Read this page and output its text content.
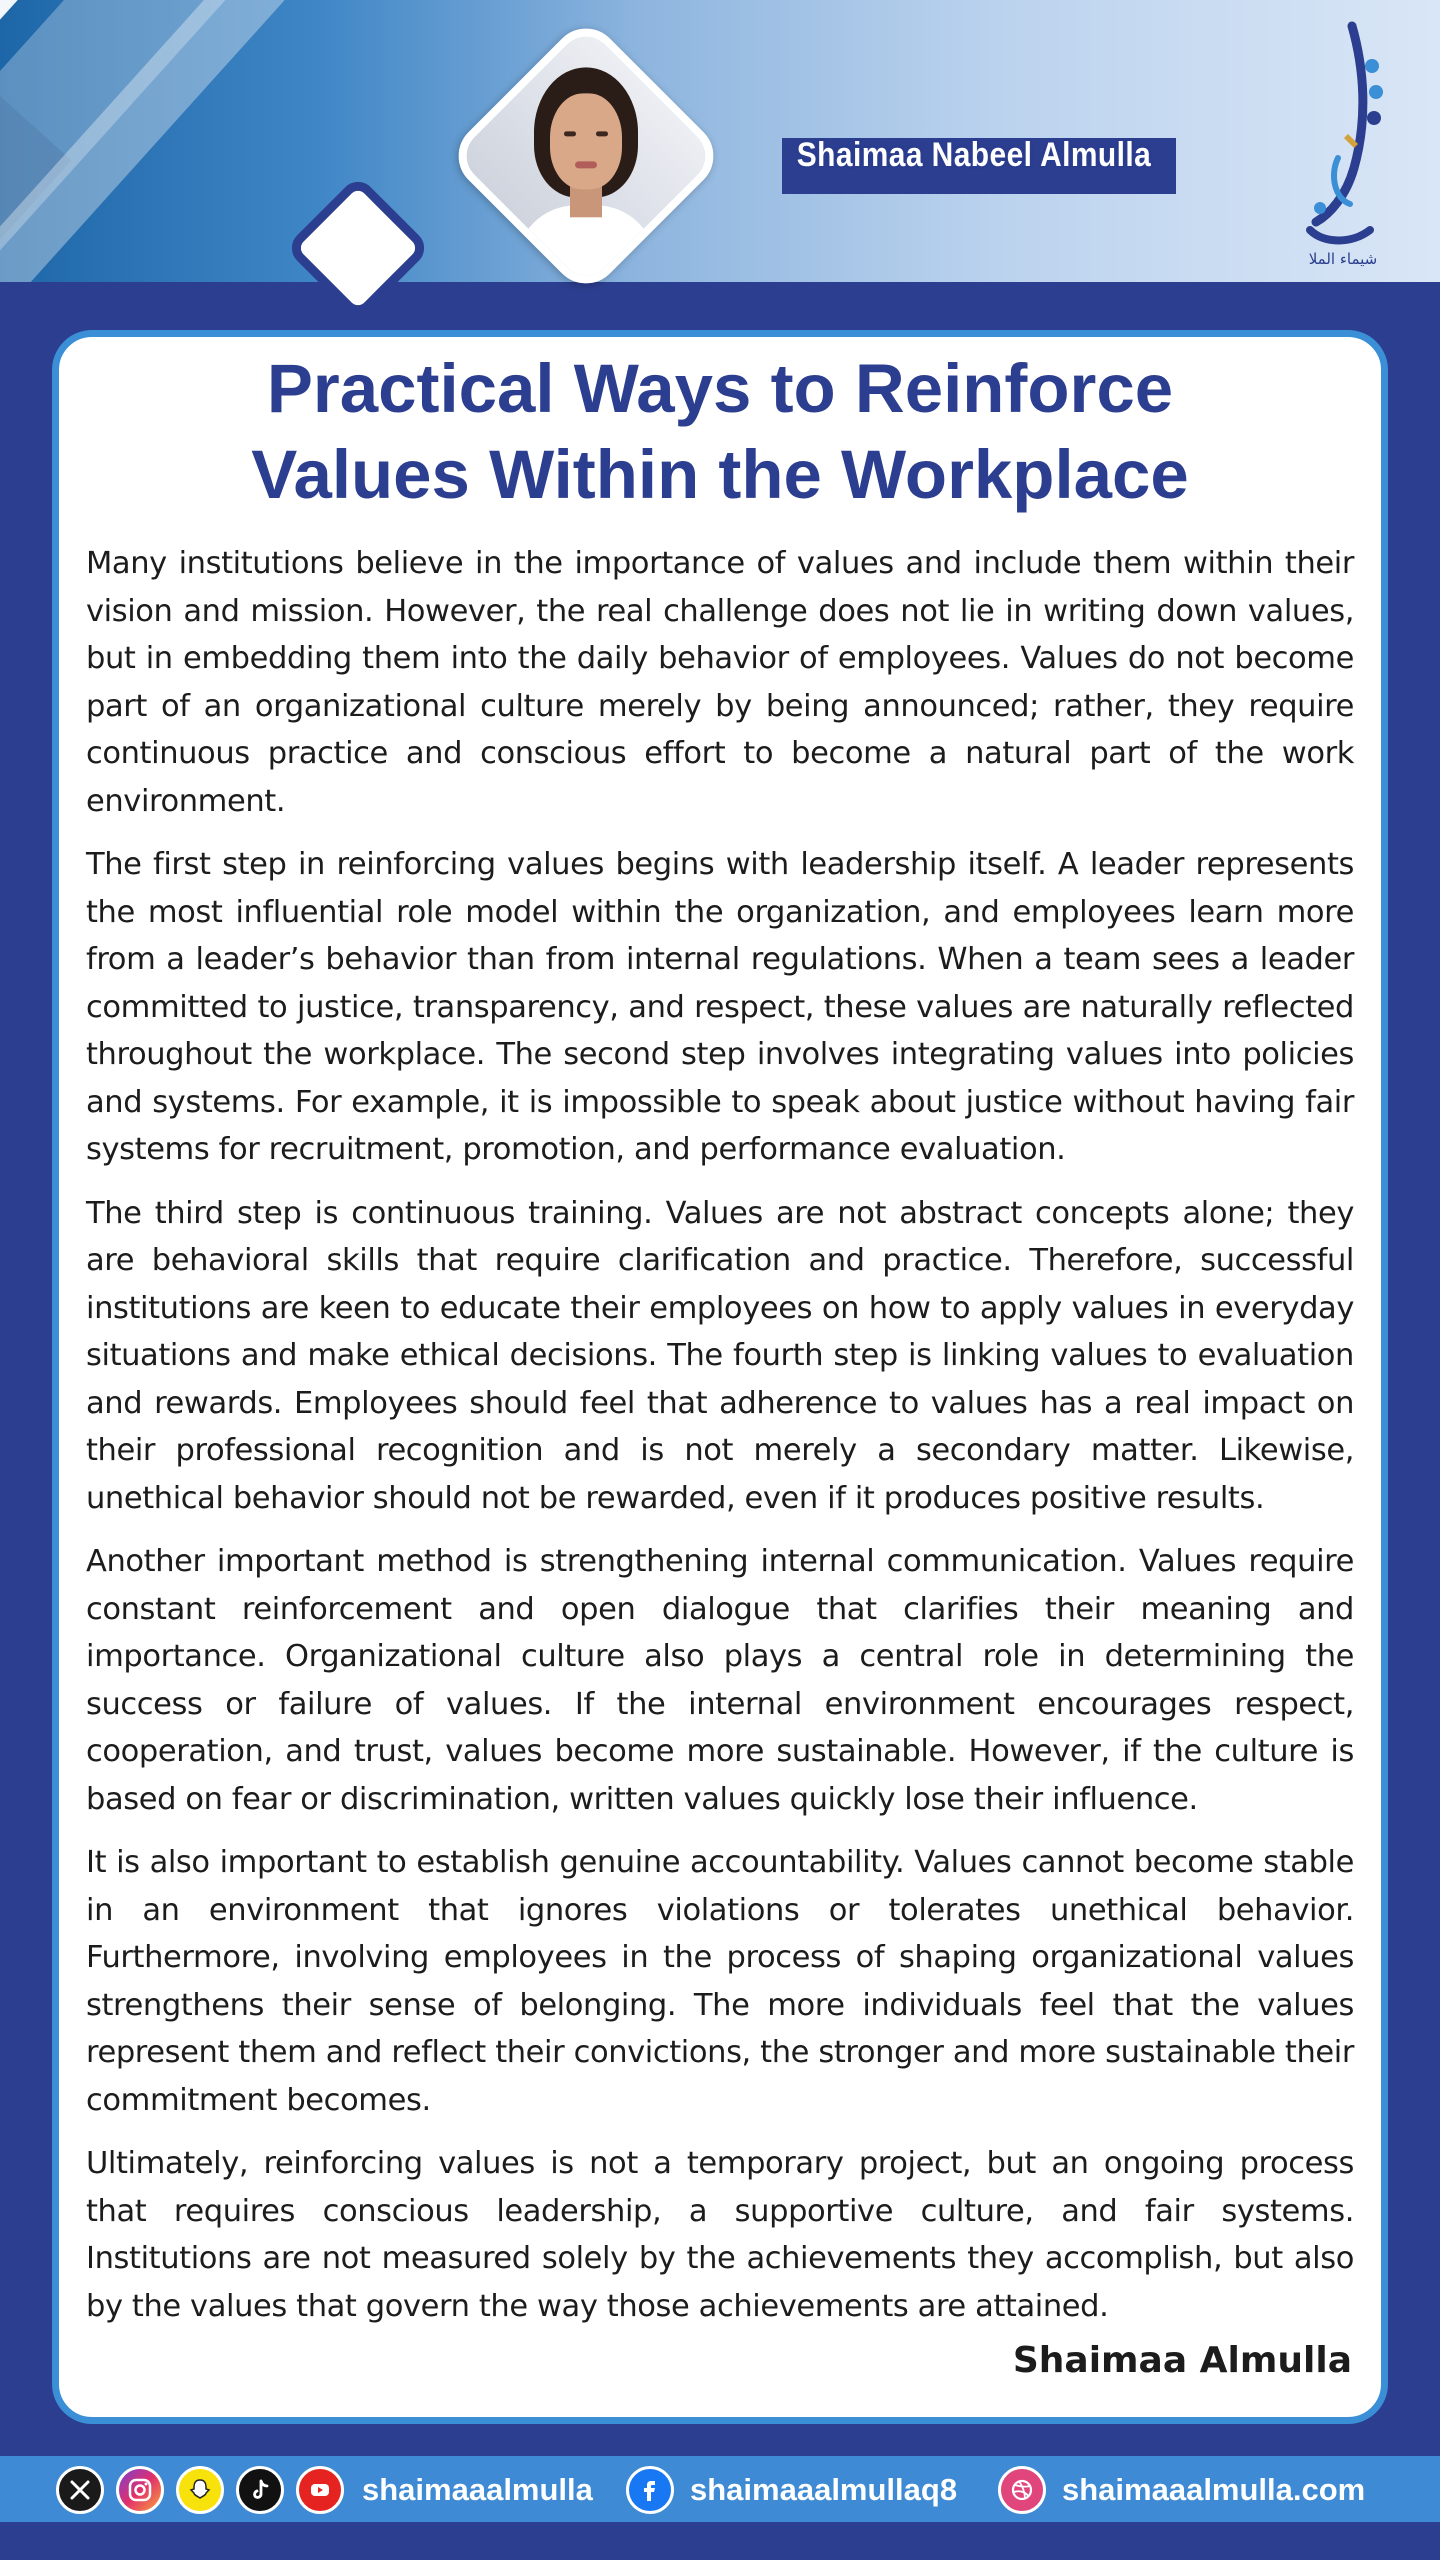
Shaimaa Nabeel Almulla
شيماء الملا
Practical Ways to Reinforce
Values Within the Workplace

Many institutions believe in the importance of values and include them within their vision and mission. However, the real challenge does not lie in writing down values, but in embedding them into the daily behavior of employees. Values do not become part of an organizational culture merely by being announced; rather, they require continuous practice and conscious effort to become a natural part of the work environment.

The first step in reinforcing values begins with leadership itself. A leader represents the most influential role model within the organization, and employees learn more from a leader’s behavior than from internal regulations. When a team sees a leader committed to justice, transparency, and respect, these values are naturally reflected throughout the workplace. The second step involves integrating values into policies and systems. For example, it is impossible to speak about justice without having fair systems for recruitment, promotion, and performance evaluation.

The third step is continuous training. Values are not abstract concepts alone; they are behavioral skills that require clarification and practice. Therefore, successful institutions are keen to educate their employees on how to apply values in everyday situations and make ethical decisions. The fourth step is linking values to evaluation and rewards. Employees should feel that adherence to values has a real impact on their professional recognition and is not merely a secondary matter. Likewise, unethical behavior should not be rewarded, even if it produces positive results.

Another important method is strengthening internal communication. Values require constant reinforcement and open dialogue that clarifies their meaning and importance. Organizational culture also plays a central role in determining the success or failure of values. If the internal environment encourages respect, cooperation, and trust, values become more sustainable. However, if the culture is based on fear or discrimination, written values quickly lose their influence.

It is also important to establish genuine accountability. Values cannot become stable in an environment that ignores violations or tolerates unethical behavior. Furthermore, involving employees in the process of shaping organizational values strengthens their sense of belonging. The more individuals feel that the values represent them and reflect their convictions, the stronger and more sustainable their commitment becomes.

Ultimately, reinforcing values is not a temporary project, but an ongoing process that requires conscious leadership, a supportive culture, and fair systems. Institutions are not measured solely by the achievements they accomplish, but also by the values that govern the way those achievements are attained.

Shaimaa Almulla
shaimaaalmulla	shaimaaalmullaq8	shaimaaalmulla.com
